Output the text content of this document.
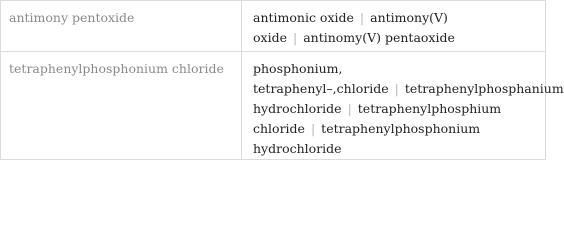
antimony pentoxide	antimonic oxide | antimony(V) oxide | antinomy(V) pentaoxide

tetraphenylphosphonium chloride	phosphonium, tetraphenyl–,chloride | tetraphenylphosphanium hydrochloride | tetraphenylphosphium chloride | tetraphenylphosphonium hydrochloride
